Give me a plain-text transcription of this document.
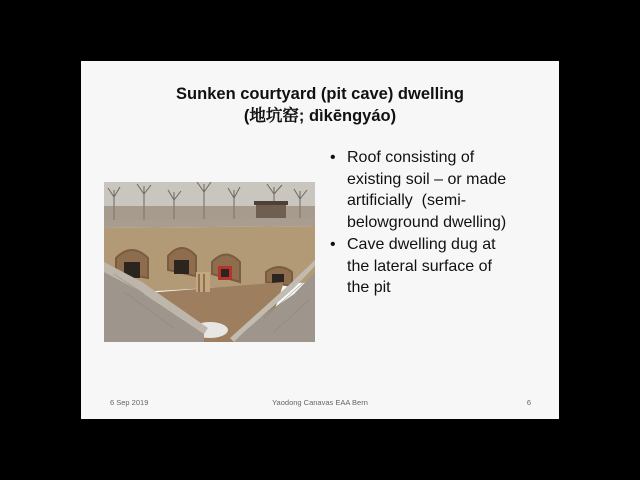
Sunken courtyard (pit cave) dwelling
(地坑窑; dìkēngyáo)
• Roof consisting of
existing soil – or made
artificially  (semi-
belowground dwelling)
• Cave dwelling dug at
the lateral surface of
the pit
6 Sep 2019	Yaodong Canavas EAA Bern	6
